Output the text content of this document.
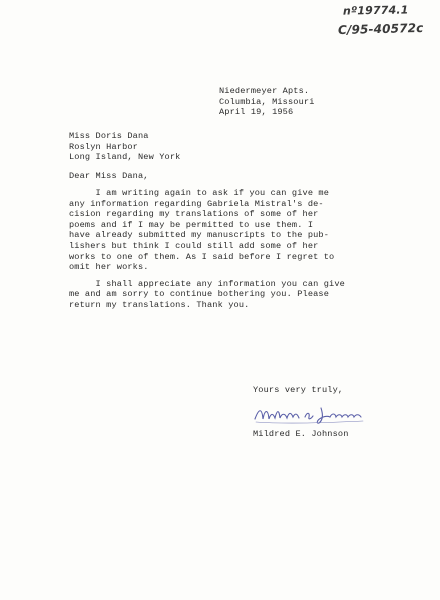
nº19774.1
C/95-40572c
Niedermeyer Apts.
Columbia, Missouri
April 19, 1956
Miss Doris Dana
Roslyn Harbor
Long Island, New York
Dear Miss Dana,

I am writing again to ask if you can give me
any information regarding Gabriela Mistral's de-
cision regarding my translations of some of her
poems and if I may be permitted to use them. I
have already submitted my manuscripts to the pub-
lishers but think I could still add some of her
works to one of them. As I said before I regret to
omit her works.

I shall appreciate any information you can give
me and am sorry to continue bothering you. Please
return my translations. Thank you.

Yours very truly,
Mildred E. Johnson
